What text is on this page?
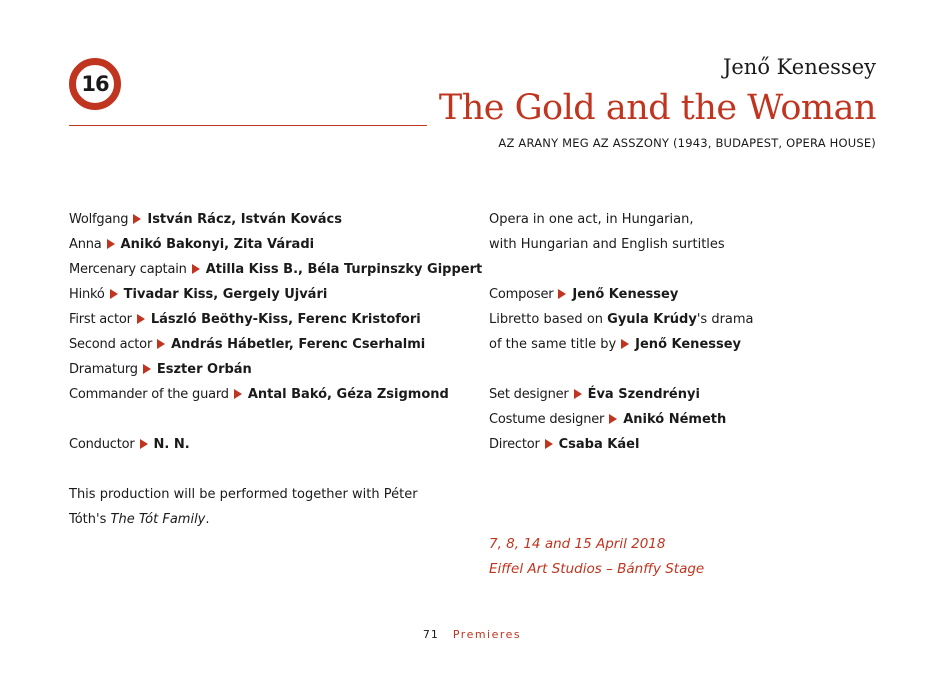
16
Jenő Kenessey
The Gold and the Woman
AZ ARANY MEG AZ ASSZONY (1943, BUDAPEST, OPERA HOUSE)
Wolfgang István Rácz, István Kovács
Anna Anikó Bakonyi, Zita Váradi
Mercenary captain Atilla Kiss B., Béla Turpinszky Gippert
Hinkó Tivadar Kiss, Gergely Ujvári
First actor László Beöthy-Kiss, Ferenc Kristofori
Second actor András Hábetler, Ferenc Cserhalmi
Dramaturg Eszter Orbán
Commander of the guard Antal Bakó, Géza Zsigmond
Conductor N. N.
This production will be performed together with Péter
Tóth's The Tót Family.
Opera in one act, in Hungarian,
with Hungarian and English surtitles
Composer Jenő Kenessey
Libretto based on Gyula Krúdy's drama
of the same title by Jenő Kenessey
Set designer Éva Szendrényi
Costume designer Anikó Németh
Director Csaba Káel
7, 8, 14 and 15 April 2018
Eiffel Art Studios – Bánffy Stage
71 Premieres
